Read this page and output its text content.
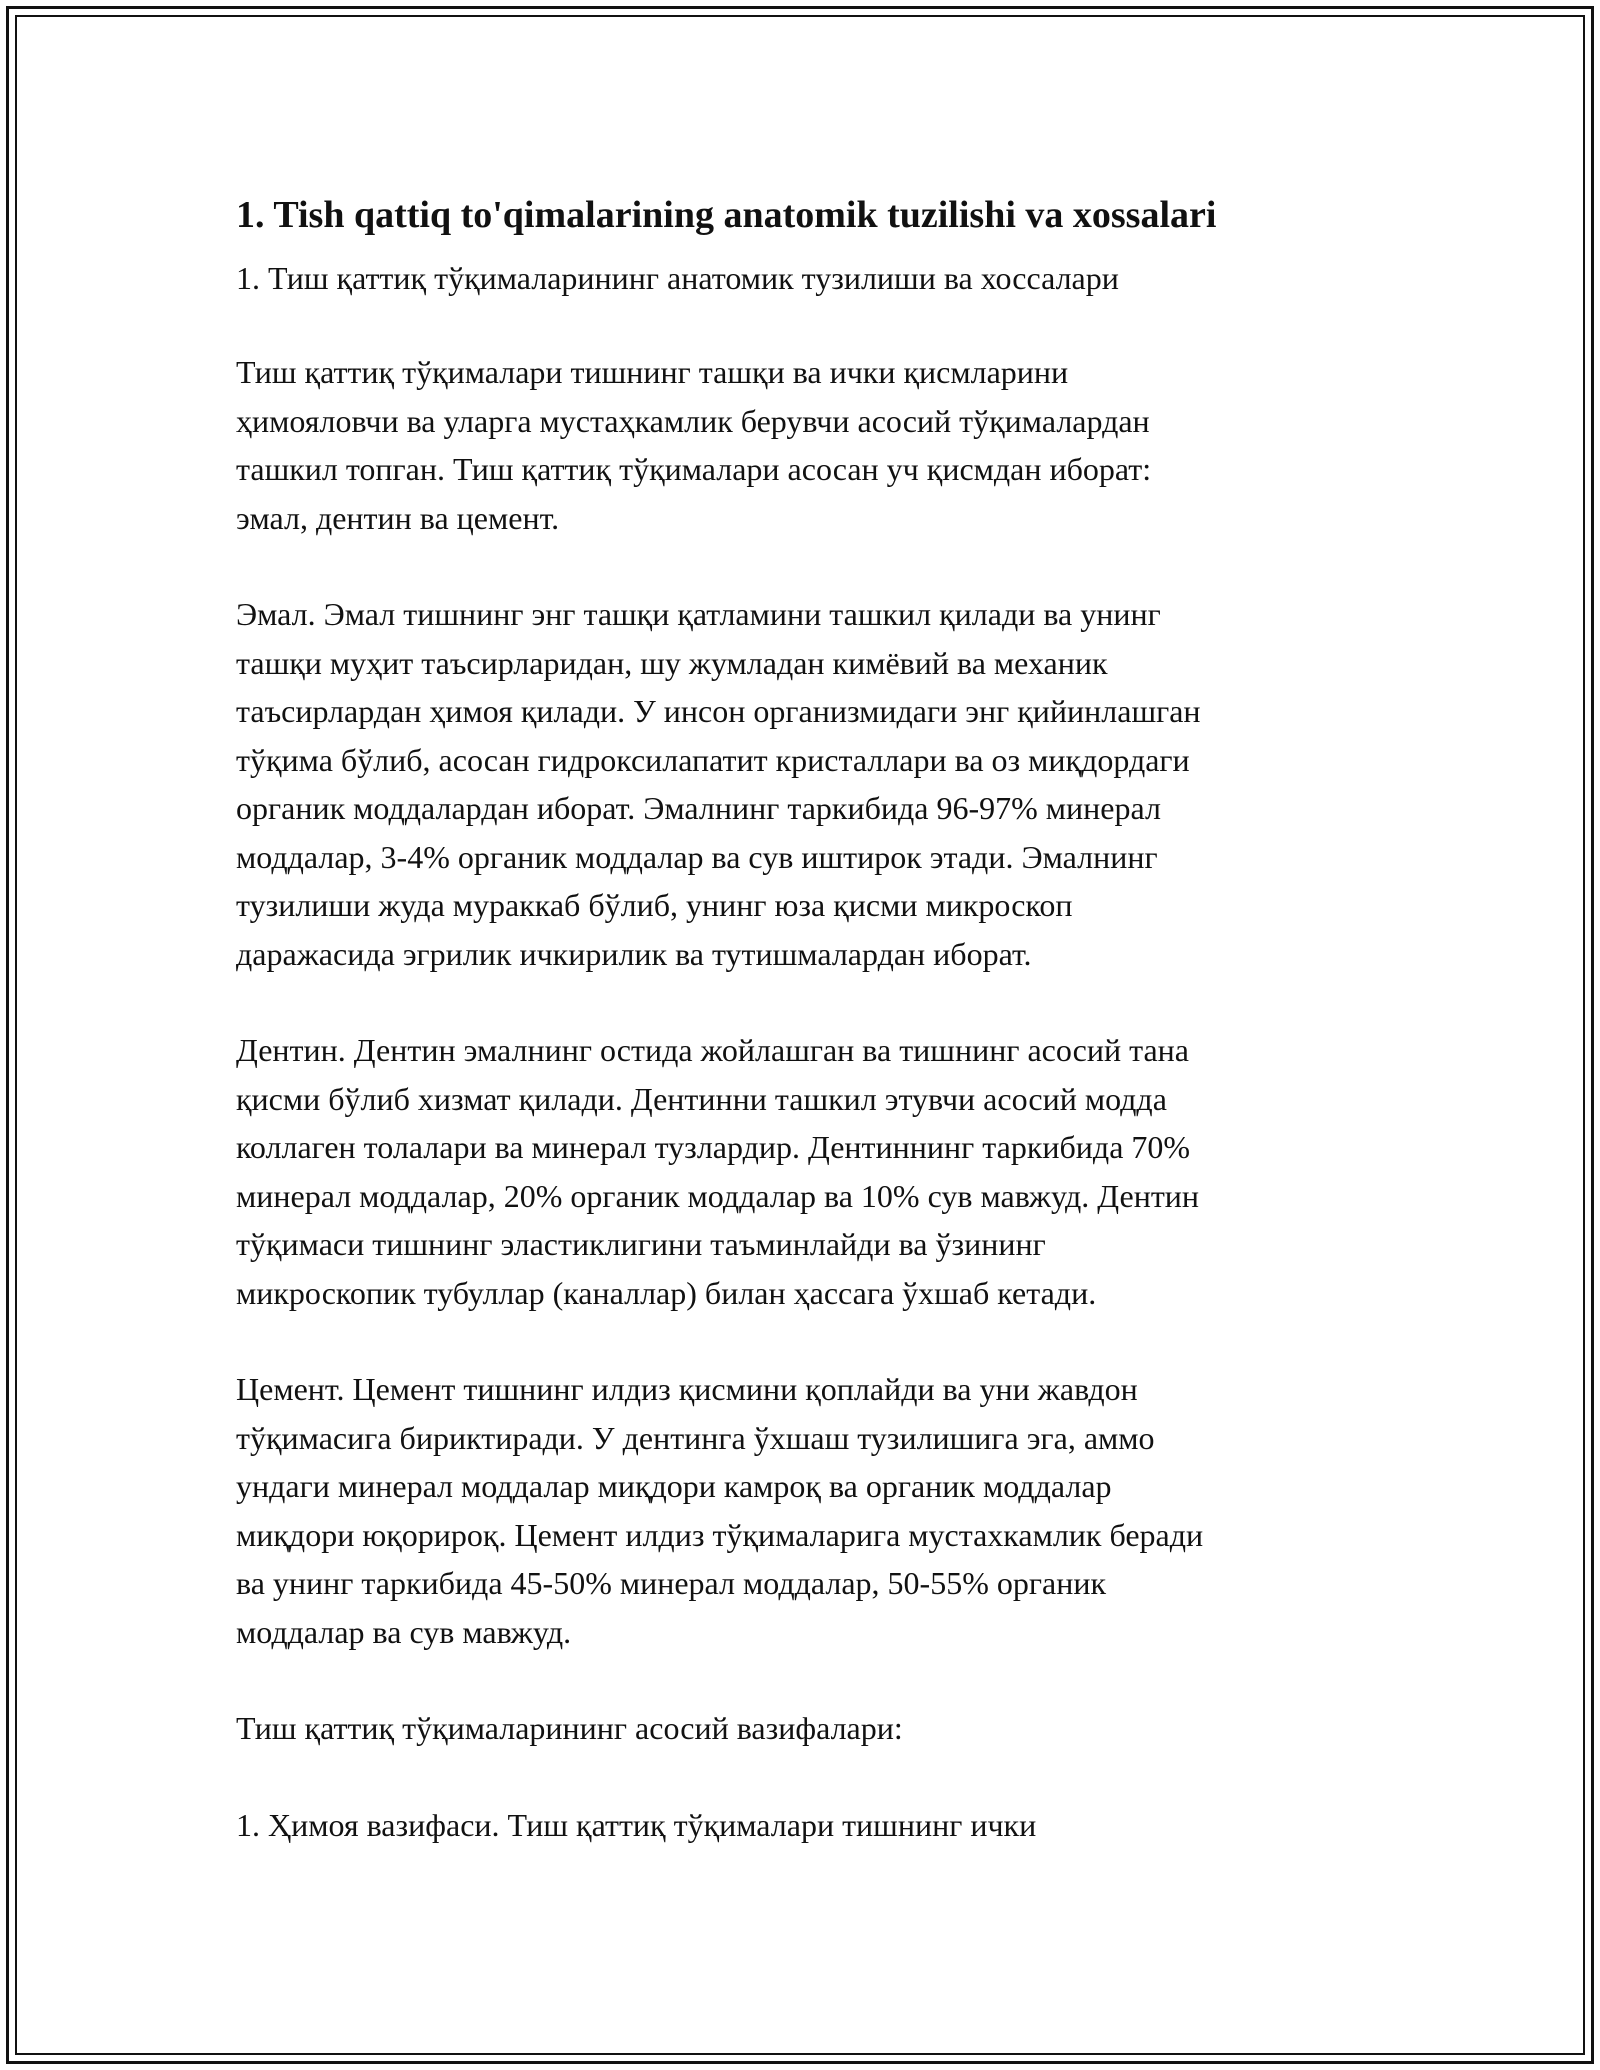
1. Tish qattiq to'qimalarining anatomik tuzilishi va xossalari
1. Тиш қаттиқ тўқималарининг анатомик тузилиши ва хоссалари
Тиш қаттиқ тўқималари тишнинг ташқи ва ички қисмларини
ҳимояловчи ва уларга мустаҳкамлик берувчи асосий тўқималардан
ташкил топган. Тиш қаттиқ тўқималари асосан уч қисмдан иборат:
эмал, дентин ва цемент.
Эмал. Эмал тишнинг энг ташқи қатламини ташкил қилади ва унинг
ташқи муҳит таъсирларидан, шу жумладан кимёвий ва механик
таъсирлардан ҳимоя қилади. У инсон организмидаги энг қийинлашган
тўқима бўлиб, асосан гидроксилапатит кристаллари ва оз миқдордаги
органик моддалардан иборат. Эмалнинг таркибида 96-97% минерал
моддалар, 3-4% органик моддалар ва сув иштирок этади. Эмалнинг
тузилиши жуда мураккаб бўлиб, унинг юза қисми микроскоп
даражасида эгрилик ичкирилик ва тутишмалардан иборат.
Дентин. Дентин эмалнинг остида жойлашган ва тишнинг асосий тана
қисми бўлиб хизмат қилади. Дентинни ташкил этувчи асосий модда
коллаген толалари ва минерал тузлардир. Дентиннинг таркибида 70%
минерал моддалар, 20% органик моддалар ва 10% сув мавжуд. Дентин
тўқимаси тишнинг эластиклигини таъминлайди ва ўзининг
микроскопик тубуллар (каналлар) билан ҳассага ўхшаб кетади.
Цемент. Цемент тишнинг илдиз қисмини қоплайди ва уни жавдон
тўқимасига бириктиради. У дентинга ўхшаш тузилишига эга, аммо
ундаги минерал моддалар миқдори камроқ ва органик моддалар
миқдори юқорироқ. Цемент илдиз тўқималарига мустахкамлик беради
ва унинг таркибида 45-50% минерал моддалар, 50-55% органик
моддалар ва сув мавжуд.
Тиш қаттиқ тўқималарининг асосий вазифалари:
1. Ҳимоя вазифаси. Тиш қаттиқ тўқималари тишнинг ички
